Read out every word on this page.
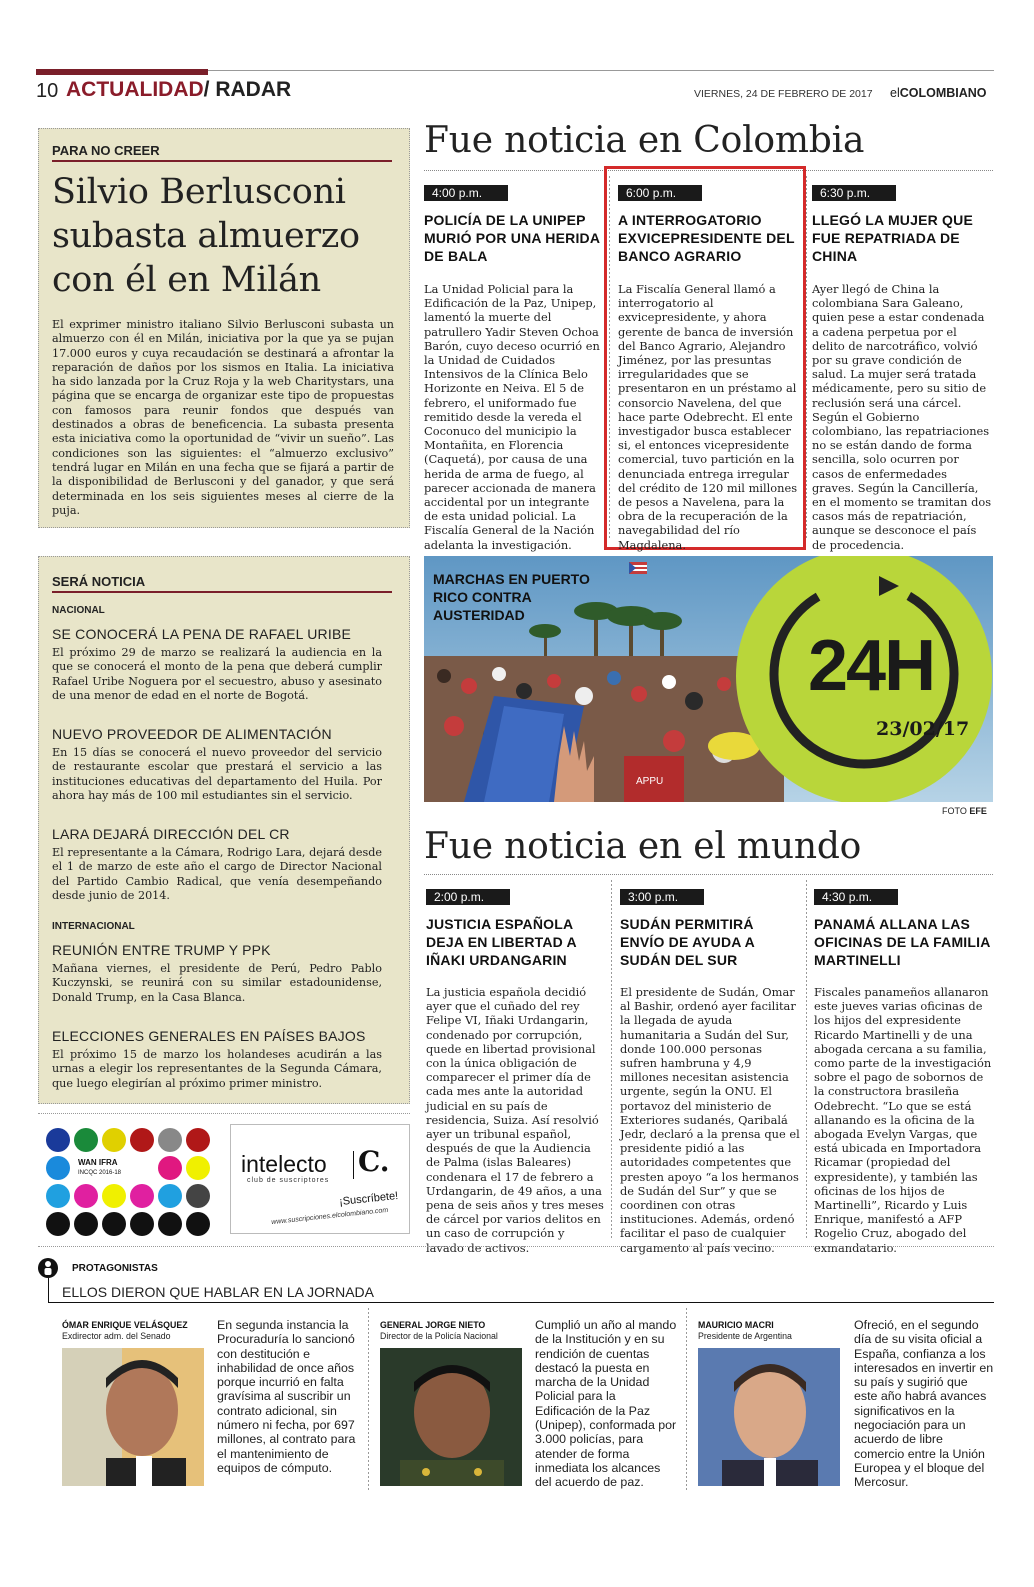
10 ACTUALIDAD/ RADAR	VIERNES, 24 DE FEBRERO DE 2017 elCOLOMBIANO
PARA NO CREER
Silvio Berlusconi subasta almuerzo con él en Milán
El exprimer ministro italiano Silvio Berlusconi subasta un almuerzo con él en Milán, iniciativa por la que ya se pujan 17.000 euros y cuya recaudación se destinará a afrontar la reparación de daños por los sismos en Italia. La iniciativa ha sido lanzada por la Cruz Roja y la web Charitystars, una página que se encarga de organizar este tipo de propuestas con famosos para reunir fondos que después van destinados a obras de beneficencia. La subasta presenta esta iniciativa como la oportunidad de “vivir un sueño”. Las condiciones son las siguientes: el “almuerzo exclusivo” tendrá lugar en Milán en una fecha que se fijará a partir de la disponibilidad de Berlusconi y del ganador, y que será determinada en los seis siguientes meses al cierre de la puja.
SERÁ NOTICIA
NACIONAL
SE CONOCERÁ LA PENA DE RAFAEL URIBE
El próximo 29 de marzo se realizará la audiencia en la que se conocerá el monto de la pena que deberá cumplir Rafael Uribe Noguera por el secuestro, abuso y asesinato de una menor de edad en el norte de Bogotá.
NUEVO PROVEEDOR DE ALIMENTACIÓN
En 15 días se conocerá el nuevo proveedor del servicio de restaurante escolar que prestará el servicio a las instituciones educativas del departamento del Huila. Por ahora hay más de 100 mil estudiantes sin el servicio.
LARA DEJARÁ DIRECCIÓN DEL CR
El representante a la Cámara, Rodrigo Lara, dejará desde el 1 de marzo de este año el cargo de Director Nacional del Partido Cambio Radical, que venía desempeñando desde junio de 2014.
INTERNACIONAL
REUNIÓN ENTRE TRUMP Y PPK
Mañana viernes, el presidente de Perú, Pedro Pablo Kuczynski, se reunirá con su similar estadounidense, Donald Trump, en la Casa Blanca.
ELECCIONES GENERALES EN PAÍSES BAJOS
El próximo 15 de marzo los holandeses acudirán a las urnas a elegir los representantes de la Segunda Cámara, que luego elegirían al próximo primer ministro.
Fue noticia en Colombia
4:00 p.m.
POLICÍA DE LA UNIPEP MURIÓ POR UNA HERIDA DE BALA
La Unidad Policial para la Edificación de la Paz, Unipep, lamentó la muerte del patrullero Yadir Steven Ochoa Barón, cuyo deceso ocurrió en la Unidad de Cuidados Intensivos de la Clínica Belo Horizonte en Neiva. El 5 de febrero, el uniformado fue remitido desde la vereda el Coconuco del municipio la Montañita, en Florencia (Caquetá), por causa de una herida de arma de fuego, al parecer accionada de manera accidental por un integrante de esta unidad policial. La Fiscalía General de la Nación adelanta la investigación.
6:00 p.m.
A INTERROGATORIO EXVICEPRESIDENTE DEL BANCO AGRARIO
La Fiscalía General llamó a interrogatorio al exvicepresidente, y ahora gerente de banca de inversión del Banco Agrario, Alejandro Jiménez, por las presuntas irregularidades que se presentaron en un préstamo al consorcio Navelena, del que hace parte Odebrecht. El ente investigador busca establecer si, el entonces vicepresidente comercial, tuvo partición en la denunciada entrega irregular del crédito de 120 mil millones de pesos a Navelena, para la obra de la recuperación de la navegabilidad del río Magdalena.
6:30 p.m.
LLEGÓ LA MUJER QUE FUE REPATRIADA DE CHINA
Ayer llegó de China la colombiana Sara Galeano, quien pese a estar condenada a cadena perpetua por el delito de narcotráfico, volvió por su grave condición de salud. La mujer será tratada médicamente, pero su sitio de reclusión será una cárcel. Según el Gobierno colombiano, las repatriaciones no se están dando de forma sencilla, solo ocurren por casos de enfermedades graves. Según la Cancillería, en el momento se tramitan dos casos más de repatriación, aunque se desconoce el país de procedencia.
APPU
MARCHAS EN PUERTO RICO CONTRA AUSTERIDAD
24H
23/02/17
FOTO EFE
Fue noticia en el mundo
2:00 p.m.
JUSTICIA ESPAÑOLA DEJA EN LIBERTAD A IÑAKI URDANGARIN
La justicia española decidió ayer que el cuñado del rey Felipe VI, Iñaki Urdangarin, condenado por corrupción, quede en libertad provisional con la única obligación de comparecer el primer día de cada mes ante la autoridad judicial en su país de residencia, Suiza. Así resolvió ayer un tribunal español, después de que la Audiencia de Palma (islas Baleares) condenara el 17 de febrero a Urdangarin, de 49 años, a una pena de seis años y tres meses de cárcel por varios delitos en un caso de corrupción y lavado de activos.
3:00 p.m.
SUDÁN PERMITIRÁ ENVÍO DE AYUDA A SUDÁN DEL SUR
El presidente de Sudán, Omar al Bashir, ordenó ayer facilitar la llegada de ayuda humanitaria a Sudán del Sur, donde 100.000 personas sufren hambruna y 4,9 millones necesitan asistencia urgente, según la ONU. El portavoz del ministerio de Exteriores sudanés, Qaribalá Jedr, declaró a la prensa que el presidente pidió a las autoridades competentes que presten apoyo “a los hermanos de Sudán del Sur” y que se coordinen con otras instituciones. Además, ordenó facilitar el paso de cualquier cargamento al país vecino.
4:30 p.m.
PANAMÁ ALLANA LAS OFICINAS DE LA FAMILIA MARTINELLI
Fiscales panameños allanaron este jueves varias oficinas de los hijos del expresidente Ricardo Martinelli y de una abogada cercana a su familia, como parte de la investigación sobre el pago de sobornos de la constructora brasileña Odebrecht. “Lo que se está allanando es la oficina de la abogada Evelyn Vargas, que está ubicada en Importadora Ricamar (propiedad del expresidente), y también las oficinas de los hijos de Martinelli”, Ricardo y Luis Enrique, manifestó a AFP Rogelio Cruz, abogado del exmandatario.
WAN IFRA
INCQC 2016-18	intelecto C.
club de suscriptores
¡Suscríbete!
www.suscripciones.elcolombiano.com
PROTAGONISTAS
ELLOS DIERON QUE HABLAR EN LA JORNADA
ÓMAR ENRIQUE VELÁSQUEZ
Exdirector adm. del Senado
En segunda instancia la Procuraduría lo sancionó con destitución e inhabilidad de once años porque incurrió en falta gravísima al suscribir un contrato adicional, sin número ni fecha, por 697 millones, al contrato para el mantenimiento de equipos de cómputo.
GENERAL JORGE NIETO
Director de la Policía Nacional
Cumplió un año al mando de la Institución y en su rendición de cuentas destacó la puesta en marcha de la Unidad Policial para la Edificación de la Paz (Unipep), conformada por 3.000 policías, para atender de forma inmediata los alcances del acuerdo de paz.
MAURICIO MACRI
Presidente de Argentina
Ofreció, en el segundo día de su visita oficial a España, confianza a los interesados en invertir en su país y sugirió que este año habrá avances significativos en la negociación para un acuerdo de libre comercio entre la Unión Europea y el bloque del Mercosur.
